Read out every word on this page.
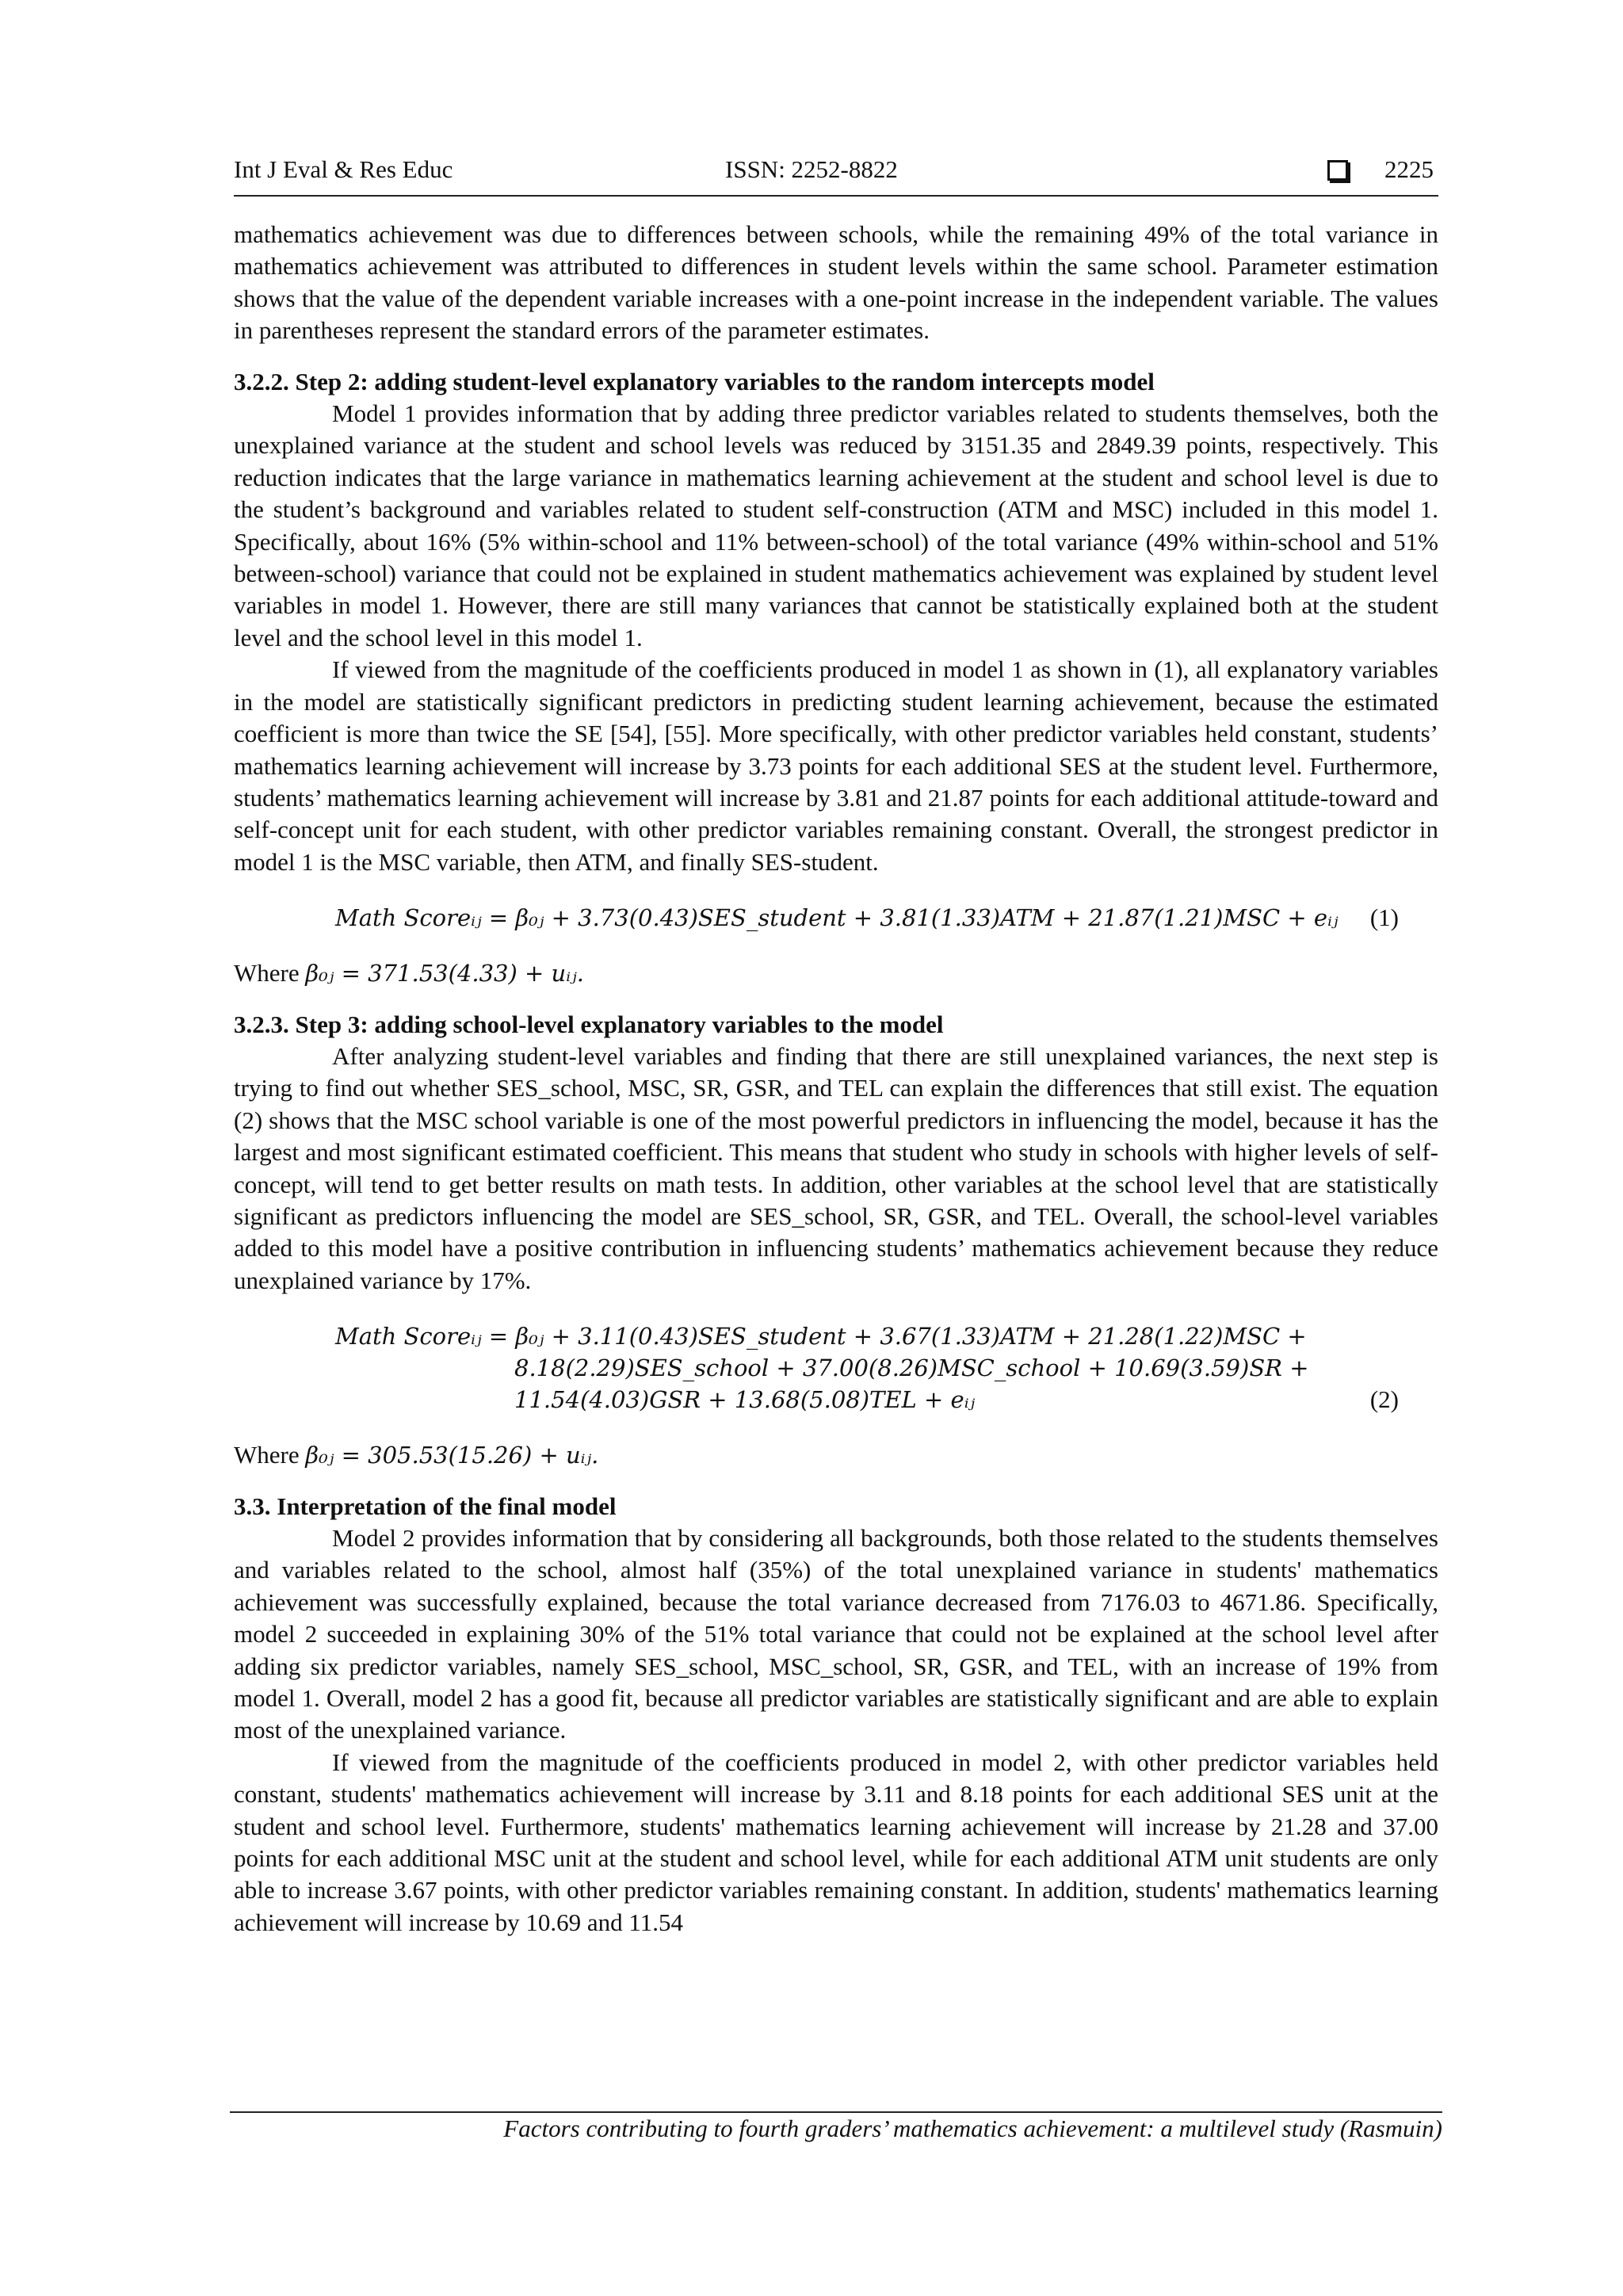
Int J Eval & Res Educ	ISSN: 2252-8822	2225

mathematics achievement was due to differences between schools, while the remaining 49% of the total variance in mathematics achievement was attributed to differences in student levels within the same school. Parameter estimation shows that the value of the dependent variable increases with a one-point increase in the independent variable. The values in parentheses represent the standard errors of the parameter estimates.

3.2.2. Step 2: adding student-level explanatory variables to the random intercepts model

Model 1 provides information that by adding three predictor variables related to students themselves, both the unexplained variance at the student and school levels was reduced by 3151.35 and 2849.39 points, respectively. This reduction indicates that the large variance in mathematics learning achievement at the student and school level is due to the student’s background and variables related to student self-construction (ATM and MSC) included in this model 1. Specifically, about 16% (5% within-school and 11% between-school) of the total variance (49% within-school and 51% between-school) variance that could not be explained in student mathematics achievement was explained by student level variables in model 1. However, there are still many variances that cannot be statistically explained both at the student level and the school level in this model 1.

If viewed from the magnitude of the coefficients produced in model 1 as shown in (1), all explanatory variables in the model are statistically significant predictors in predicting student learning achievement, because the estimated coefficient is more than twice the SE [54], [55]. More specifically, with other predictor variables held constant, students’ mathematics learning achievement will increase by 3.73 points for each additional SES at the student level. Furthermore, students’ mathematics learning achievement will increase by 3.81 and 21.87 points for each additional attitude-toward and self-concept unit for each student, with other predictor variables remaining constant. Overall, the strongest predictor in model 1 is the MSC variable, then ATM, and finally SES-student.

Math Scoreᵢⱼ = β₀ⱼ + 3.73(0.43)SES_student + 3.81(1.33)ATM + 21.87(1.21)MSC + eᵢⱼ (1)

Where β₀ⱼ = 371.53(4.33) + uᵢⱼ.

3.2.3. Step 3: adding school-level explanatory variables to the model

After analyzing student-level variables and finding that there are still unexplained variances, the next step is trying to find out whether SES_school, MSC, SR, GSR, and TEL can explain the differences that still exist. The equation (2) shows that the MSC school variable is one of the most powerful predictors in influencing the model, because it has the largest and most significant estimated coefficient. This means that student who study in schools with higher levels of self-concept, will tend to get better results on math tests. In addition, other variables at the school level that are statistically significant as predictors influencing the model are SES_school, SR, GSR, and TEL. Overall, the school-level variables added to this model have a positive contribution in influencing students’ mathematics achievement because they reduce unexplained variance by 17%.

Math Scoreᵢⱼ = β₀ⱼ + 3.11(0.43)SES_student + 3.67(1.33)ATM + 21.28(1.22)MSC +
8.18(2.29)SES_school + 37.00(8.26)MSC_school + 10.69(3.59)SR +
11.54(4.03)GSR + 13.68(5.08)TEL + eᵢⱼ	(2)

Where β₀ⱼ = 305.53(15.26) + uᵢⱼ.

3.3. Interpretation of the final model

Model 2 provides information that by considering all backgrounds, both those related to the students themselves and variables related to the school, almost half (35%) of the total unexplained variance in students' mathematics achievement was successfully explained, because the total variance decreased from 7176.03 to 4671.86. Specifically, model 2 succeeded in explaining 30% of the 51% total variance that could not be explained at the school level after adding six predictor variables, namely SES_school, MSC_school, SR, GSR, and TEL, with an increase of 19% from model 1. Overall, model 2 has a good fit, because all predictor variables are statistically significant and are able to explain most of the unexplained variance.

If viewed from the magnitude of the coefficients produced in model 2, with other predictor variables held constant, students' mathematics achievement will increase by 3.11 and 8.18 points for each additional SES unit at the student and school level. Furthermore, students' mathematics learning achievement will increase by 21.28 and 37.00 points for each additional MSC unit at the student and school level, while for each additional ATM unit students are only able to increase 3.67 points, with other predictor variables remaining constant. In addition, students' mathematics learning achievement will increase by 10.69 and 11.54

Factors contributing to fourth graders’ mathematics achievement: a multilevel study (Rasmuin)
